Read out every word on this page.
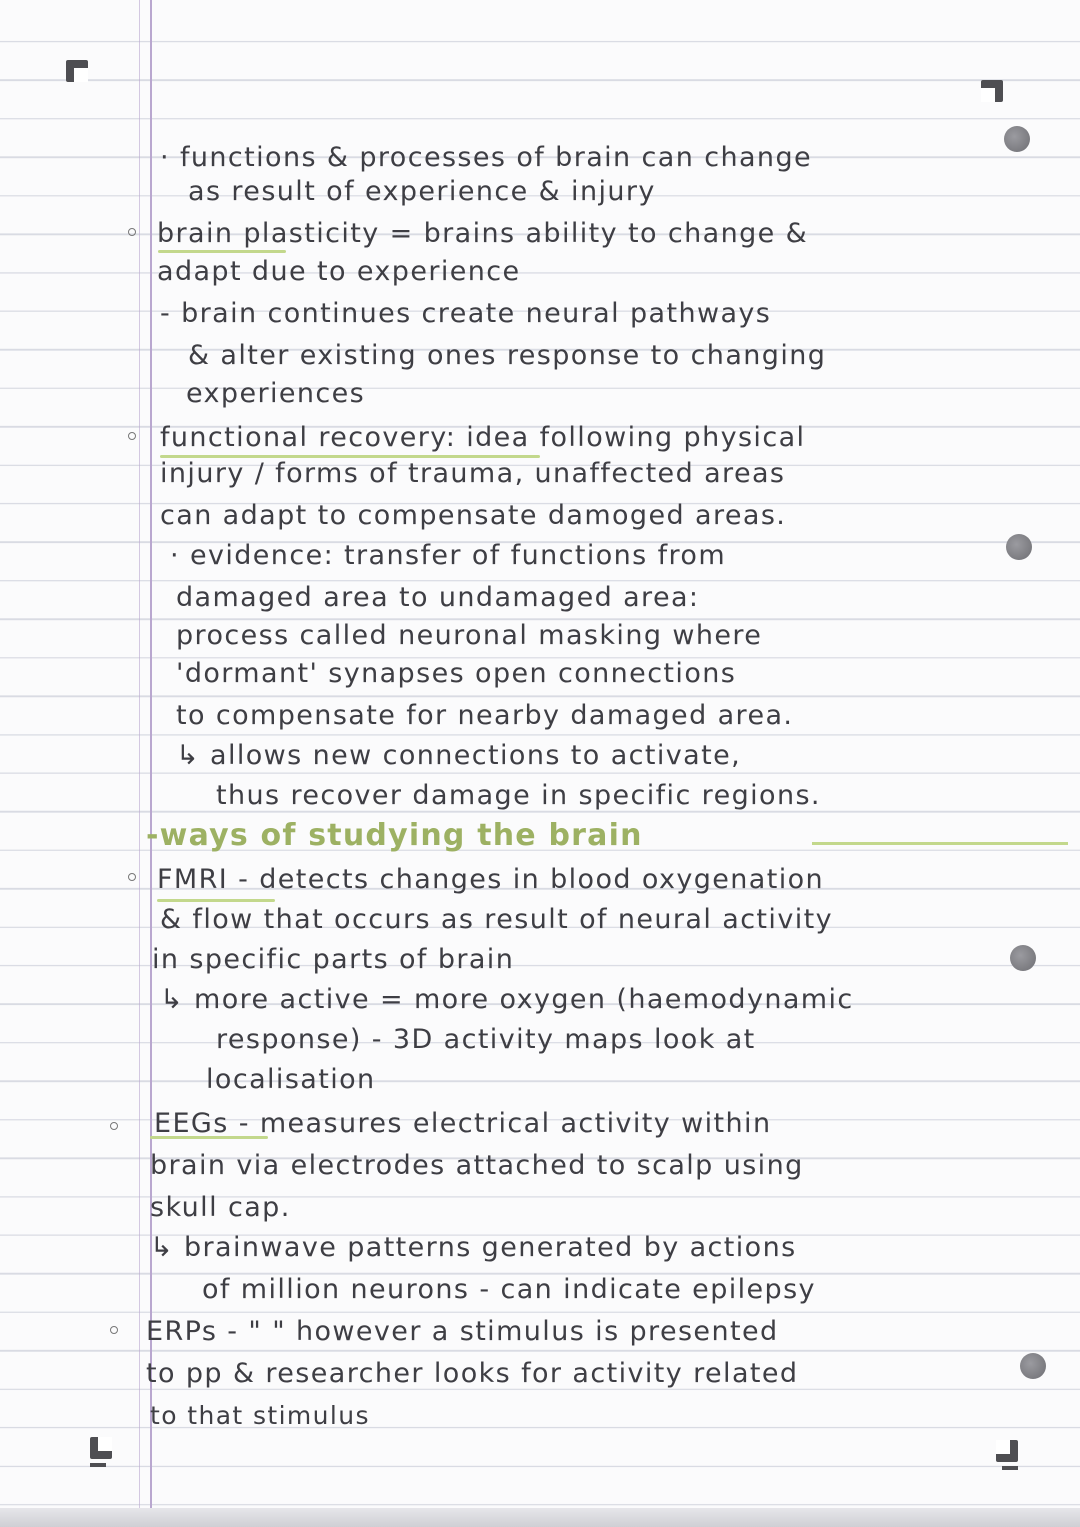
· functions & processes of brain can change
as result of experience & injury
brain plasticity = brains ability to change &
adapt due to experience
- brain continues create neural pathways
& alter existing ones response to changing
experiences
functional recovery: idea following physical
injury / forms of trauma, unaffected areas
can adapt to compensate damoged areas.
· evidence: transfer of functions from
damaged area to undamaged area:
process called neuronal masking where
'dormant' synapses open connections
to compensate for nearby damaged area.
↳ allows new connections to activate,
thus recover damage in specific regions.
-ways of studying the brain
FMRI - detects changes in blood oxygenation
& flow that occurs as result of neural activity
in specific parts of brain
↳ more active = more oxygen (haemodynamic
response) - 3D activity maps look at
localisation
EEGs - measures electrical activity within
brain via electrodes attached to scalp using
skull cap.
↳ brainwave patterns generated by actions
of million neurons - can indicate epilepsy
ERPs - " " however a stimulus is presented
to pp & researcher looks for activity related
to that stimulus
